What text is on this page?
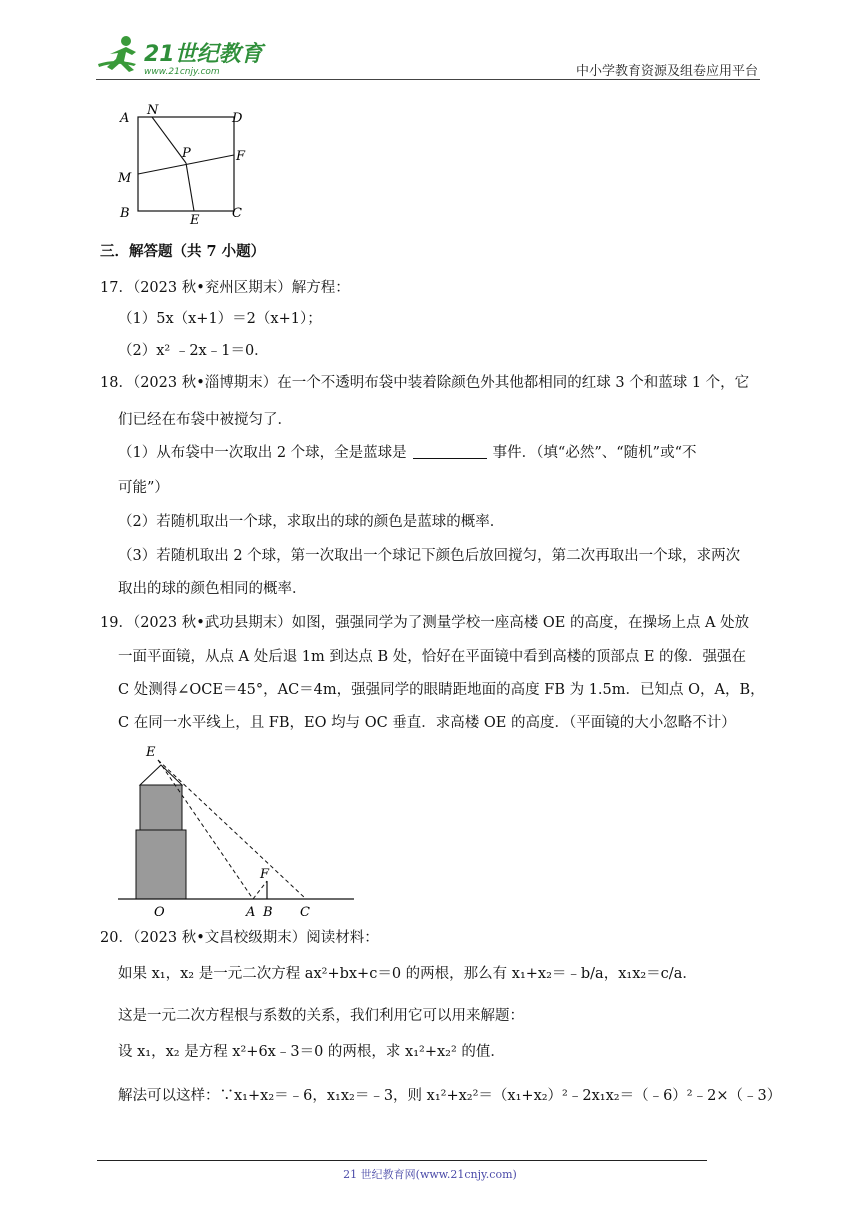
21世纪教育
www.21cnjy.com	中小学教育资源及组卷应用平台
A
N
D
P	F
M
B	E	C
三．解答题（共 7 小题）
17．（2023 秋•兖州区期末）解方程：
（1）5x（x+1）＝2（x+1）；
（2）x² ﹣2x﹣1＝0．
18．（2023 秋•淄博期末）在一个不透明布袋中装着除颜色外其他都相同的红球 3 个和蓝球 1 个，它
们已经在布袋中被搅匀了．
（1）从布袋中一次取出 2 个球，全是蓝球是	事件．（填“必然”、“随机”或“不
可能”）
（2）若随机取出一个球，求取出的球的颜色是蓝球的概率．
（3）若随机取出 2 个球，第一次取出一个球记下颜色后放回搅匀，第二次再取出一个球，求两次
取出的球的颜色相同的概率．
19．（2023 秋•武功县期末）如图，强强同学为了测量学校一座高楼 OE 的高度，在操场上点 A 处放
一面平面镜，从点 A 处后退 1m 到达点 B 处，恰好在平面镜中看到高楼的顶部点 E 的像．强强在
C 处测得∠OCE＝45°，AC＝4m，强强同学的眼睛距地面的高度 FB 为 1.5m．已知点 O，A，B，
C 在同一水平线上，且 FB，EO 均与 OC 垂直．求高楼 OE 的高度．（平面镜的大小忽略不计）
E
F
O	A B C
20．（2023 秋•文昌校级期末）阅读材料：
如果 x₁，x₂ 是一元二次方程 ax²+bx+c＝0 的两根，那么有 x₁+x₂＝﹣b/a，x₁x₂＝c/a．
这是一元二次方程根与系数的关系，我们利用它可以用来解题：
设 x₁，x₂ 是方程 x²+6x﹣3＝0 的两根，求 x₁²+x₂² 的值．
解法可以这样：∵x₁+x₂＝﹣6，x₁x₂＝﹣3，则 x₁²+x₂²＝（x₁+x₂）²﹣2x₁x₂＝（﹣6）²﹣2×（﹣3）
21 世纪教育网(www.21cnjy.com)
